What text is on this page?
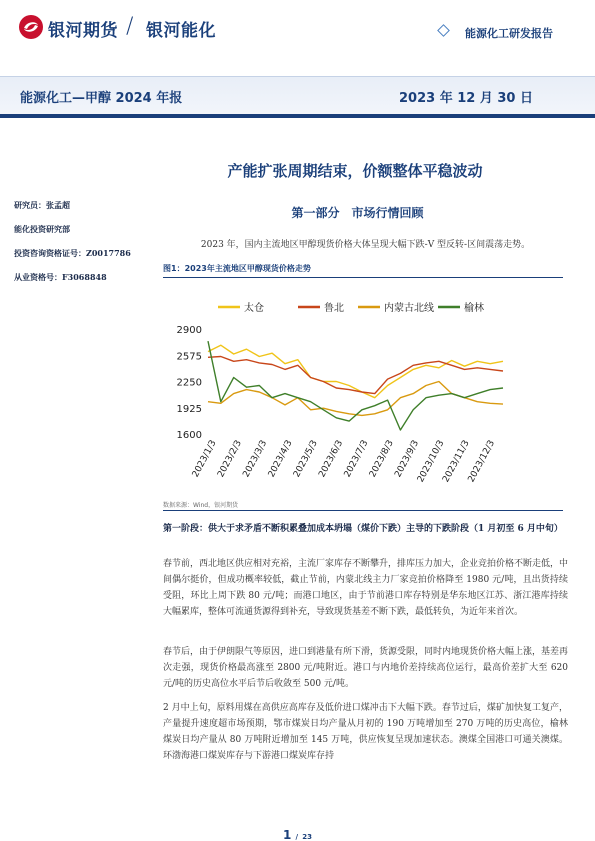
银河期货 / 银河能化	能源化工研发报告
能源化工—甲醇 2024 年报	2023 年 12 月 30 日
产能扩张周期结束，价额整体平稳波动
第一部分　市场行情回顾
研究员：张孟超
能化投资研究部
投资咨询资格证号：Z0017786
从业资格号：F3068848
2023 年，国内主流地区甲醇现货价格大体呈现大幅下跌-V 型反转-区间震荡走势。
图1：2023年主流地区甲醇现货价格走势
太仓	鲁北	内蒙古北线	榆林
1600
1925
2250
2575
2900
2023/1/3
2023/2/3
2023/3/3
2023/4/3
2023/5/3
2023/6/3
2023/7/3
2023/8/3
2023/9/3
2023/10/3
2023/11/3
2023/12/3
数据来源：Wind，银河期货
第一阶段：供大于求矛盾不断积累叠加成本坍塌（煤价下跌）主导的下跌阶段（1 月初至 6 月中旬）
春节前，西北地区供应相对充裕，主流厂家库存不断攀升，排库压力加大，企业竞拍价格不断走低，中间偶尔挺价，但成功概率较低，截止节前，内蒙北线主力厂家竞拍价格降至 1980 元/吨，且出货持续受阻，环比上周下跌 80 元/吨；而港口地区，由于节前港口库存特别是华东地区江苏、浙江港库持续大幅累库，整体可流通货源得到补充，导致现货基差不断下跌，最低转负，为近年来首次。
春节后，由于伊朗限气等原因，进口到港量有所下滑，货源受限，同时内地现货价格大幅上涨，基差再次走强，现货价格最高涨至 2800 元/吨附近。港口与内地价差持续高位运行，最高价差扩大至 620 元/吨的历史高位水平后节后收敛至 500 元/吨。
2 月中上旬，原料用煤在高供应高库存及低价进口煤冲击下大幅下跌。春节过后，煤矿加快复工复产，产量提升速度超市场预期，鄂市煤炭日均产量从月初的 190 万吨增加至 270 万吨的历史高位，榆林煤炭日均产量从 80 万吨附近增加至 145 万吨，供应恢复呈现加速状态。澳煤全国港口可通关澳煤。环渤海港口煤炭库存与下游港口煤炭库存持
1 / 23
